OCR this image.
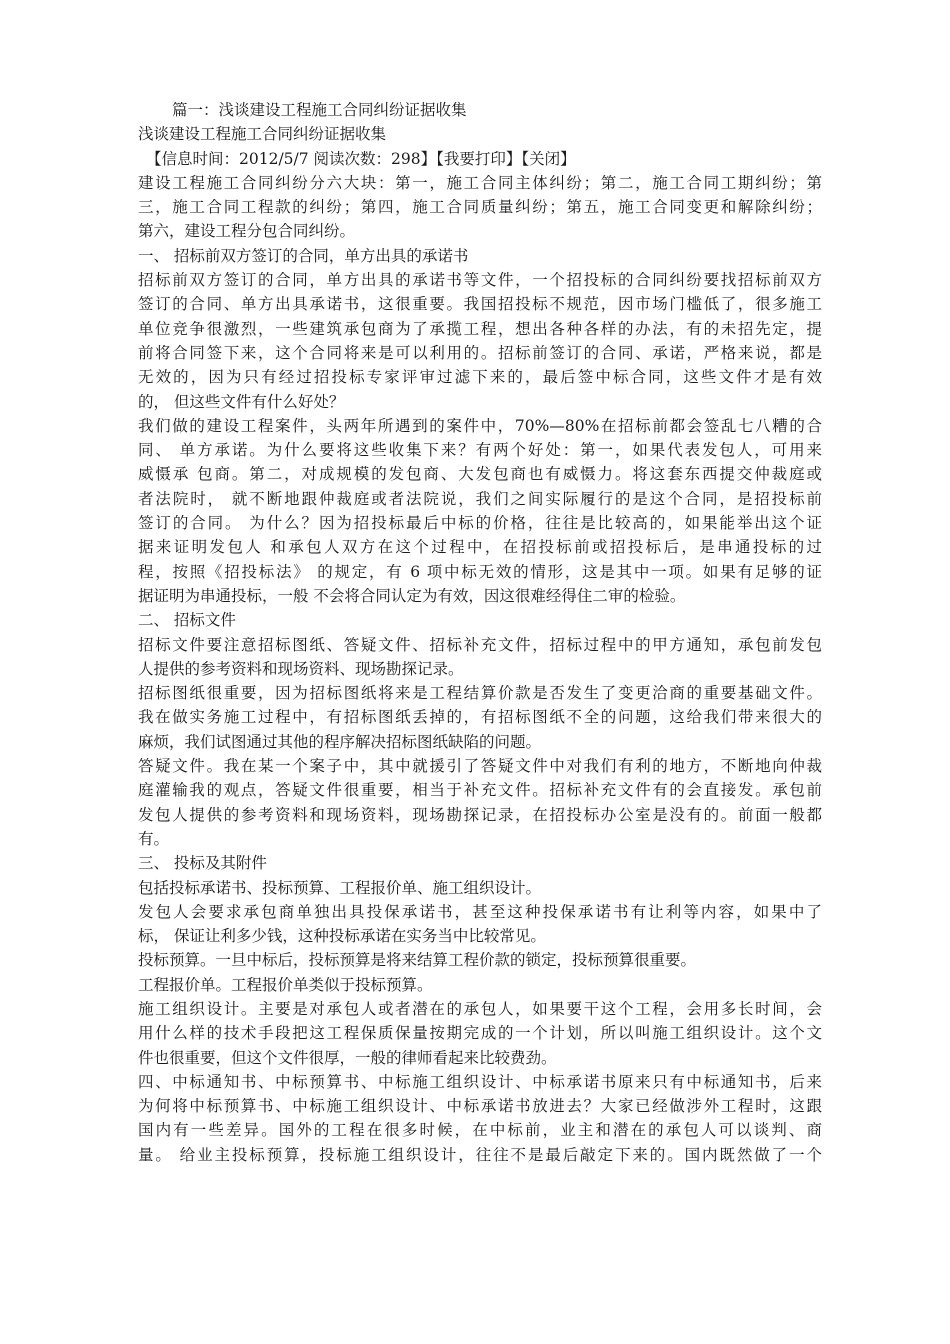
篇一：浅谈建设工程施工合同纠纷证据收集

浅谈建设工程施工合同纠纷证据收集

【信息时间：2012/5/7 阅读次数：298】【我要打印】【关闭】

建设工程施工合同纠纷分六大块：第一，施工合同主体纠纷；第二，施工合同工期纠纷；第

三，施工合同工程款的纠纷；第四，施工合同质量纠纷；第五，施工合同变更和解除纠纷；

第六，建设工程分包合同纠纷。

一、 招标前双方签订的合同，单方出具的承诺书

招标前双方签订的合同，单方出具的承诺书等文件，一个招投标的合同纠纷要找招标前双方

签订的合同、单方出具承诺书，这很重要。我国招投标不规范，因市场门槛低了，很多施工

单位竞争很激烈，一些建筑承包商为了承揽工程，想出各种各样的办法，有的未招先定，提

前将合同签下来，这个合同将来是可以利用的。招标前签订的合同、承诺，严格来说，都是

无效的，因为只有经过招投标专家评审过滤下来的，最后签中标合同，这些文件才是有效

的， 但这些文件有什么好处？

我们做的建设工程案件，头两年所遇到的案件中，70%—80%在招标前都会签乱七八糟的合

同、 单方承诺。为什么要将这些收集下来？有两个好处：第一，如果代表发包人，可用来

威慑承 包商。第二，对成规模的发包商、大发包商也有威慑力。将这套东西提交仲裁庭或

者法院时， 就不断地跟仲裁庭或者法院说，我们之间实际履行的是这个合同，是招投标前

签订的合同。 为什么？因为招投标最后中标的价格，往往是比较高的，如果能举出这个证

据来证明发包人 和承包人双方在这个过程中，在招投标前或招投标后，是串通投标的过

程，按照《招投标法》 的规定，有 6 项中标无效的情形，这是其中一项。如果有足够的证

据证明为串通投标，一般 不会将合同认定为有效，因这很难经得住二审的检验。

二、 招标文件

招标文件要注意招标图纸、答疑文件、招标补充文件，招标过程中的甲方通知，承包前发包

人提供的参考资料和现场资料、现场勘探记录。

招标图纸很重要，因为招标图纸将来是工程结算价款是否发生了变更洽商的重要基础文件。

我在做实务施工过程中，有招标图纸丢掉的，有招标图纸不全的问题，这给我们带来很大的

麻烦，我们试图通过其他的程序解决招标图纸缺陷的问题。

答疑文件。我在某一个案子中，其中就援引了答疑文件中对我们有利的地方，不断地向仲裁

庭灌输我的观点，答疑文件很重要，相当于补充文件。招标补充文件有的会直接发。承包前

发包人提供的参考资料和现场资料，现场勘探记录，在招投标办公室是没有的。前面一般都

有。

三、 投标及其附件

包括投标承诺书、投标预算、工程报价单、施工组织设计。

发包人会要求承包商单独出具投保承诺书，甚至这种投保承诺书有让利等内容，如果中了

标， 保证让利多少钱，这种投标承诺在实务当中比较常见。

投标预算。一旦中标后，投标预算是将来结算工程价款的锁定，投标预算很重要。

工程报价单。工程报价单类似于投标预算。

施工组织设计。主要是对承包人或者潜在的承包人，如果要干这个工程，会用多长时间，会

用什么样的技术手段把这工程保质保量按期完成的一个计划，所以叫施工组织设计。这个文

件也很重要，但这个文件很厚，一般的律师看起来比较费劲。

四、中标通知书、中标预算书、中标施工组织设计、中标承诺书原来只有中标通知书，后来

为何将中标预算书、中标施工组织设计、中标承诺书放进去？大家已经做涉外工程时，这跟

国内有一些差异。国外的工程在很多时候，在中标前，业主和潜在的承包人可以谈判、商

量。 给业主投标预算，投标施工组织设计，往往不是最后敲定下来的。国内既然做了一个
